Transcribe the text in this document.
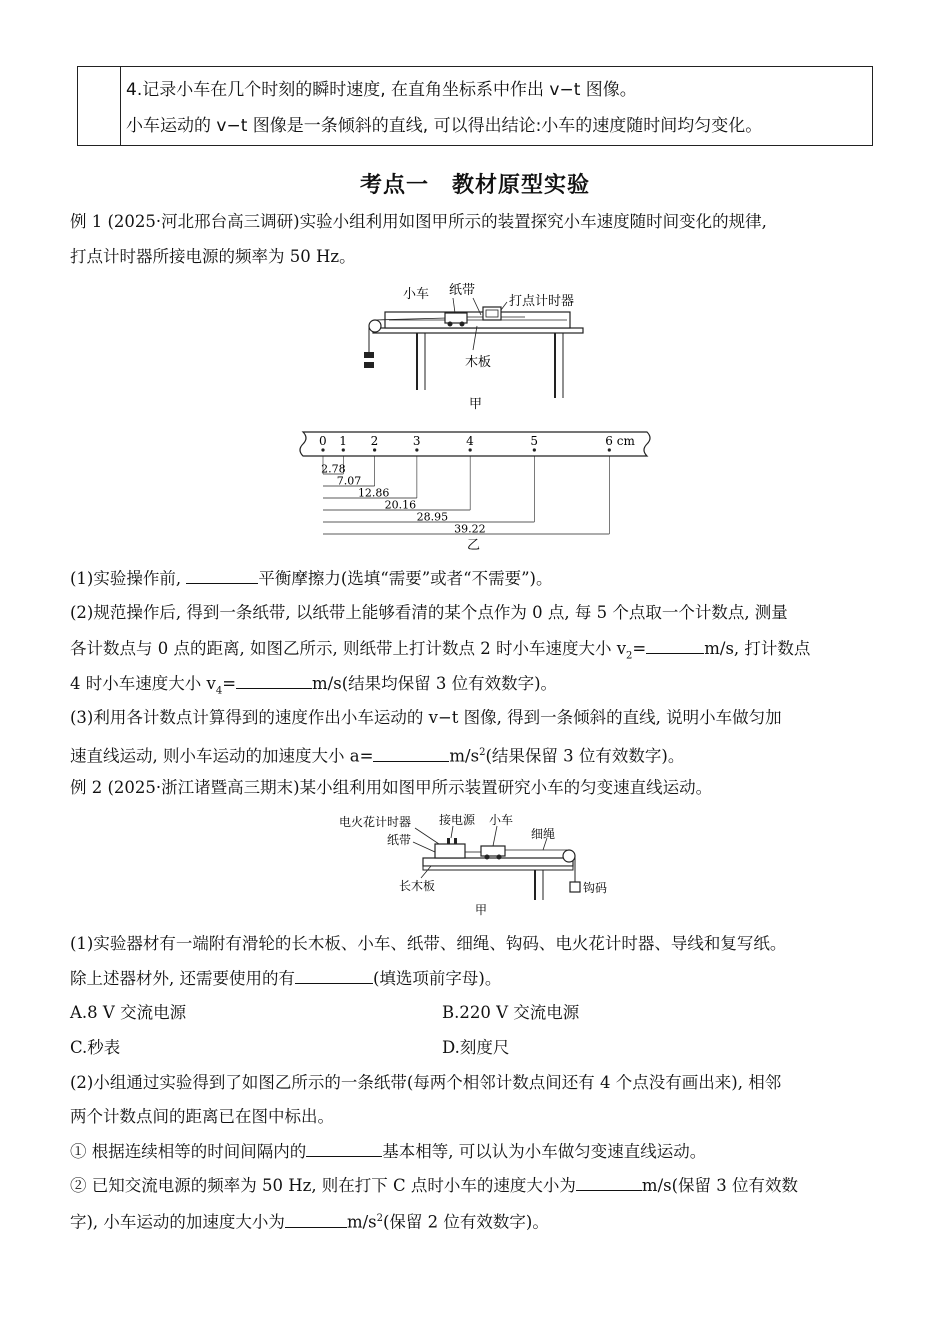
4.记录小车在几个时刻的瞬时速度, 在直角坐标系中作出 v−t 图像。
小车运动的 v−t 图像是一条倾斜的直线, 可以得出结论:小车的速度随时间均匀变化。
考点一　教材原型实验
例 1 (2025·河北邢台高三调研)实验小组利用如图甲所示的装置探究小车速度随时间变化的规律,
打点计时器所接电源的频率为 50 Hz。
小车 纸带
打点计时器
木板
甲
0 1 2	3	4	5	6 cm
2.78
7.07
12.86
20.16
28.95
39.22
乙
(1)实验操作前,	平衡摩擦力(选填“需要”或者“不需要”)。
(2)规范操作后, 得到一条纸带, 以纸带上能够看清的某个点作为 0 点, 每 5 个点取一个计数点, 测量
各计数点与 0 点的距离, 如图乙所示, 则纸带上打计数点 2 时小车速度大小 $v_2=$	m/s, 打计数点
4 时小车速度大小 $v_4=$	m/s(结果均保留 3 位有效数字)。
(3)利用各计数点计算得到的速度作出小车运动的 v−t 图像, 得到一条倾斜的直线, 说明小车做匀加
速直线运动, 则小车运动的加速度大小 a=	$m/s^2$(结果保留 3 位有效数字)。
例 2 (2025·浙江诸暨高三期末)某小组利用如图甲所示装置研究小车的匀变速直线运动。
电火花计时器 接电源 小车
细绳
纸带
长木板	钩码
甲
(1)实验器材有一端附有滑轮的长木板、小车、纸带、细绳、钩码、电火花计时器、导线和复写纸。
除上述器材外, 还需要使用的有	(填选项前字母)。
A.8 V 交流电源	B.220 V 交流电源
C.秒表	D.刻度尺
(2)小组通过实验得到了如图乙所示的一条纸带(每两个相邻计数点间还有 4 个点没有画出来), 相邻
两个计数点间的距离已在图中标出。
① 根据连续相等的时间间隔内的	基本相等, 可以认为小车做匀变速直线运动。
② 已知交流电源的频率为 50 Hz, 则在打下 C 点时小车的速度大小为	m/s(保留 3 位有效数
字), 小车运动的加速度大小为	$m/s^2$(保留 2 位有效数字)。
